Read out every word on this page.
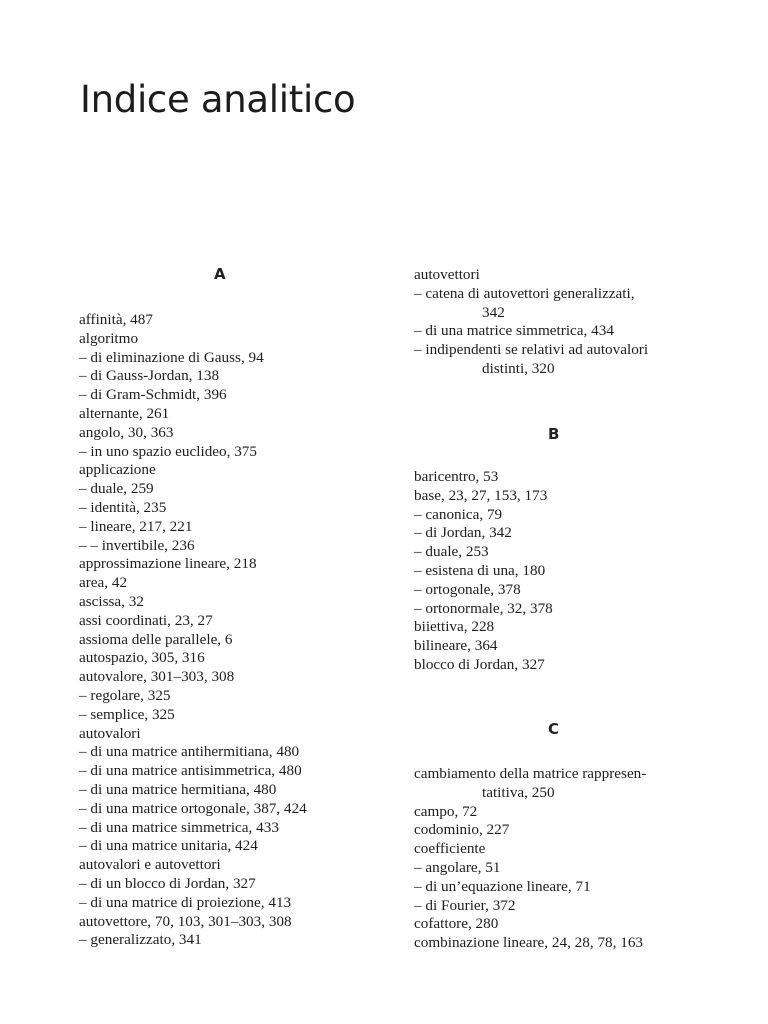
Indice analitico
A
affinità, 487
algoritmo
– di eliminazione di Gauss, 94
– di Gauss-Jordan, 138
– di Gram-Schmidt, 396
alternante, 261
angolo, 30, 363
– in uno spazio euclideo, 375
applicazione
– duale, 259
– identità, 235
– lineare, 217, 221
– – invertibile, 236
approssimazione lineare, 218
area, 42
ascissa, 32
assi coordinati, 23, 27
assioma delle parallele, 6
autospazio, 305, 316
autovalore, 301–303, 308
– regolare, 325
– semplice, 325
autovalori
– di una matrice antihermitiana, 480
– di una matrice antisimmetrica, 480
– di una matrice hermitiana, 480
– di una matrice ortogonale, 387, 424
– di una matrice simmetrica, 433
– di una matrice unitaria, 424
autovalori e autovettori
– di un blocco di Jordan, 327
– di una matrice di proiezione, 413
autovettore, 70, 103, 301–303, 308
– generalizzato, 341
autovettori
– catena di autovettori generalizzati,
342
– di una matrice simmetrica, 434
– indipendenti se relativi ad autovalori
distinti, 320
B
baricentro, 53
base, 23, 27, 153, 173
– canonica, 79
– di Jordan, 342
– duale, 253
– esistena di una, 180
– ortogonale, 378
– ortonormale, 32, 378
biiettiva, 228
bilineare, 364
blocco di Jordan, 327
C
cambiamento della matrice rappresen-
tatitiva, 250
campo, 72
codominio, 227
coefficiente
– angolare, 51
– di un’equazione lineare, 71
– di Fourier, 372
cofattore, 280
combinazione lineare, 24, 28, 78, 163
